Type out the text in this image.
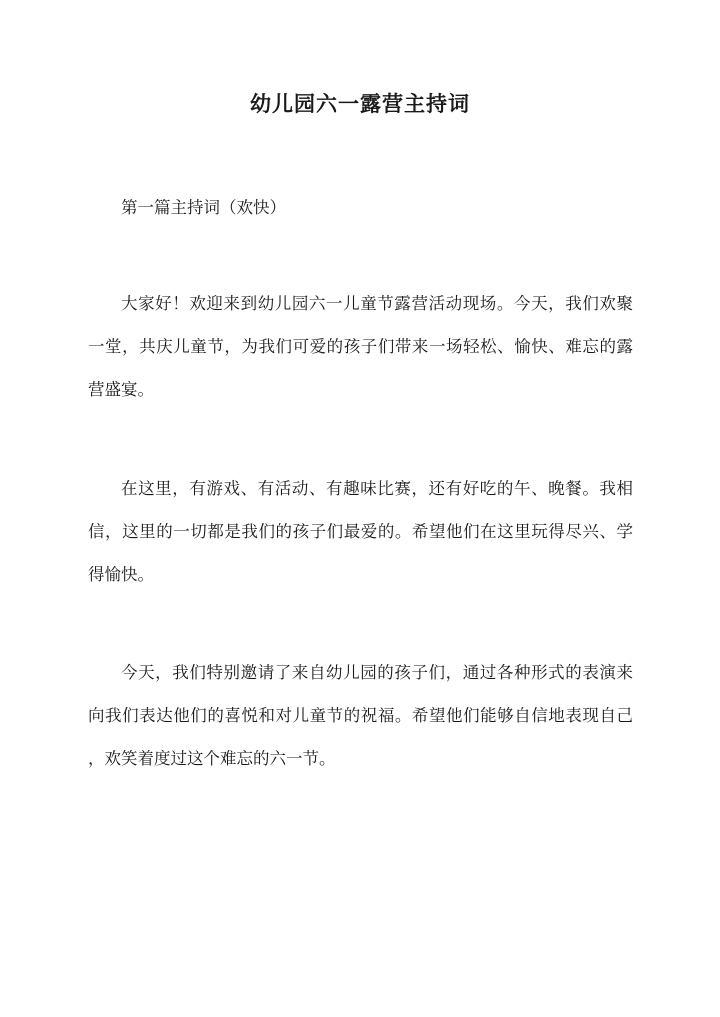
幼儿园六一露营主持词
第一篇主持词（欢快）
大家好！欢迎来到幼儿园六一儿童节露营活动现场。今天，我们欢聚
一堂，共庆儿童节，为我们可爱的孩子们带来一场轻松、愉快、难忘的露
营盛宴。
在这里，有游戏、有活动、有趣味比赛，还有好吃的午、晚餐。我相
信，这里的一切都是我们的孩子们最爱的。希望他们在这里玩得尽兴、学
得愉快。
今天，我们特别邀请了来自幼儿园的孩子们，通过各种形式的表演来
向我们表达他们的喜悦和对儿童节的祝福。希望他们能够自信地表现自己
，欢笑着度过这个难忘的六一节。
